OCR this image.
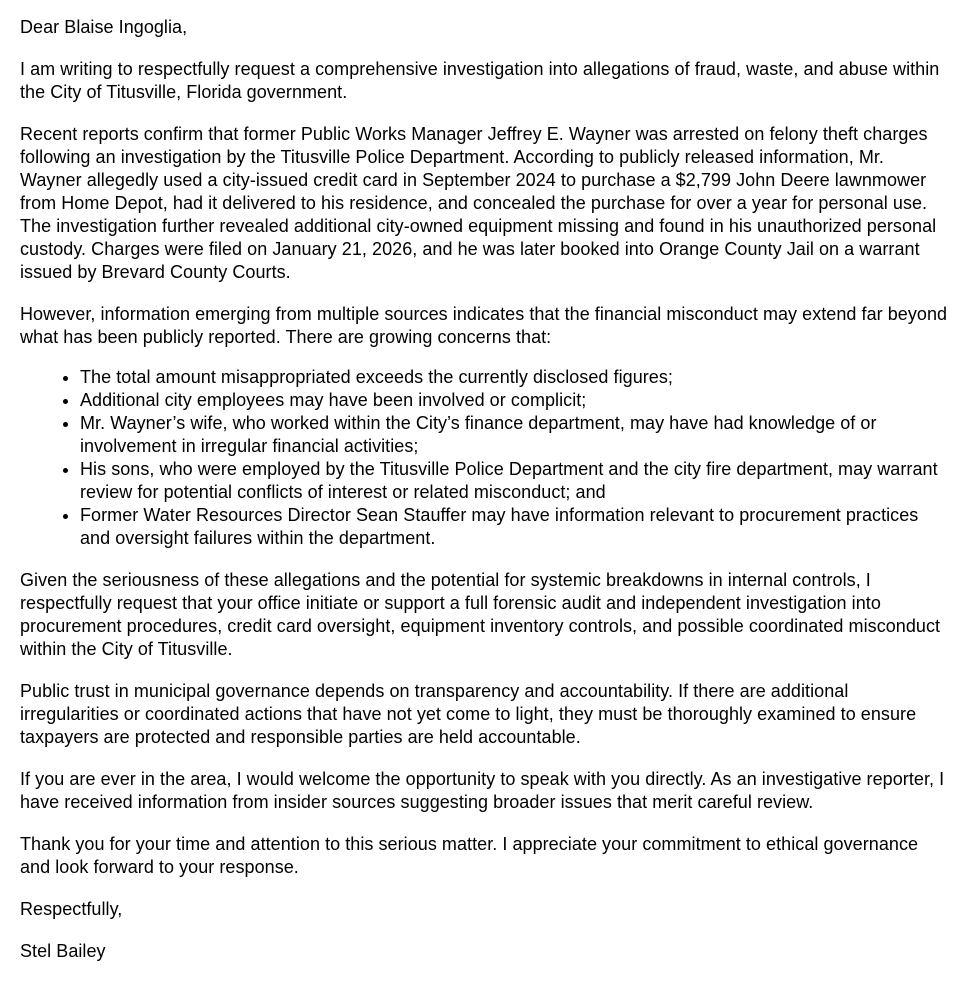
Dear Blaise Ingoglia,

I am writing to respectfully request a comprehensive investigation into allegations of fraud, waste, and abuse within the City of Titusville, Florida government.

Recent reports confirm that former Public Works Manager Jeffrey E. Wayner was arrested on felony theft charges following an investigation by the Titusville Police Department. According to publicly released information, Mr. Wayner allegedly used a city-issued credit card in September 2024 to purchase a $2,799 John Deere lawnmower from Home Depot, had it delivered to his residence, and concealed the purchase for over a year for personal use. The investigation further revealed additional city-owned equipment missing and found in his unauthorized personal custody. Charges were filed on January 21, 2026, and he was later booked into Orange County Jail on a warrant issued by Brevard County Courts.

However, information emerging from multiple sources indicates that the financial misconduct may extend far beyond what has been publicly reported. There are growing concerns that:

• The total amount misappropriated exceeds the currently disclosed figures;
• Additional city employees may have been involved or complicit;
• Mr. Wayner’s wife, who worked within the City’s finance department, may have had knowledge of or involvement in irregular financial activities;
• His sons, who were employed by the Titusville Police Department and the city fire department, may warrant review for potential conflicts of interest or related misconduct; and
• Former Water Resources Director Sean Stauffer may have information relevant to procurement practices and oversight failures within the department.

Given the seriousness of these allegations and the potential for systemic breakdowns in internal controls, I respectfully request that your office initiate or support a full forensic audit and independent investigation into procurement procedures, credit card oversight, equipment inventory controls, and possible coordinated misconduct within the City of Titusville.

Public trust in municipal governance depends on transparency and accountability. If there are additional irregularities or coordinated actions that have not yet come to light, they must be thoroughly examined to ensure taxpayers are protected and responsible parties are held accountable.

If you are ever in the area, I would welcome the opportunity to speak with you directly. As an investigative reporter, I have received information from insider sources suggesting broader issues that merit careful review.

Thank you for your time and attention to this serious matter. I appreciate your commitment to ethical governance and look forward to your response.

Respectfully,

Stel Bailey
